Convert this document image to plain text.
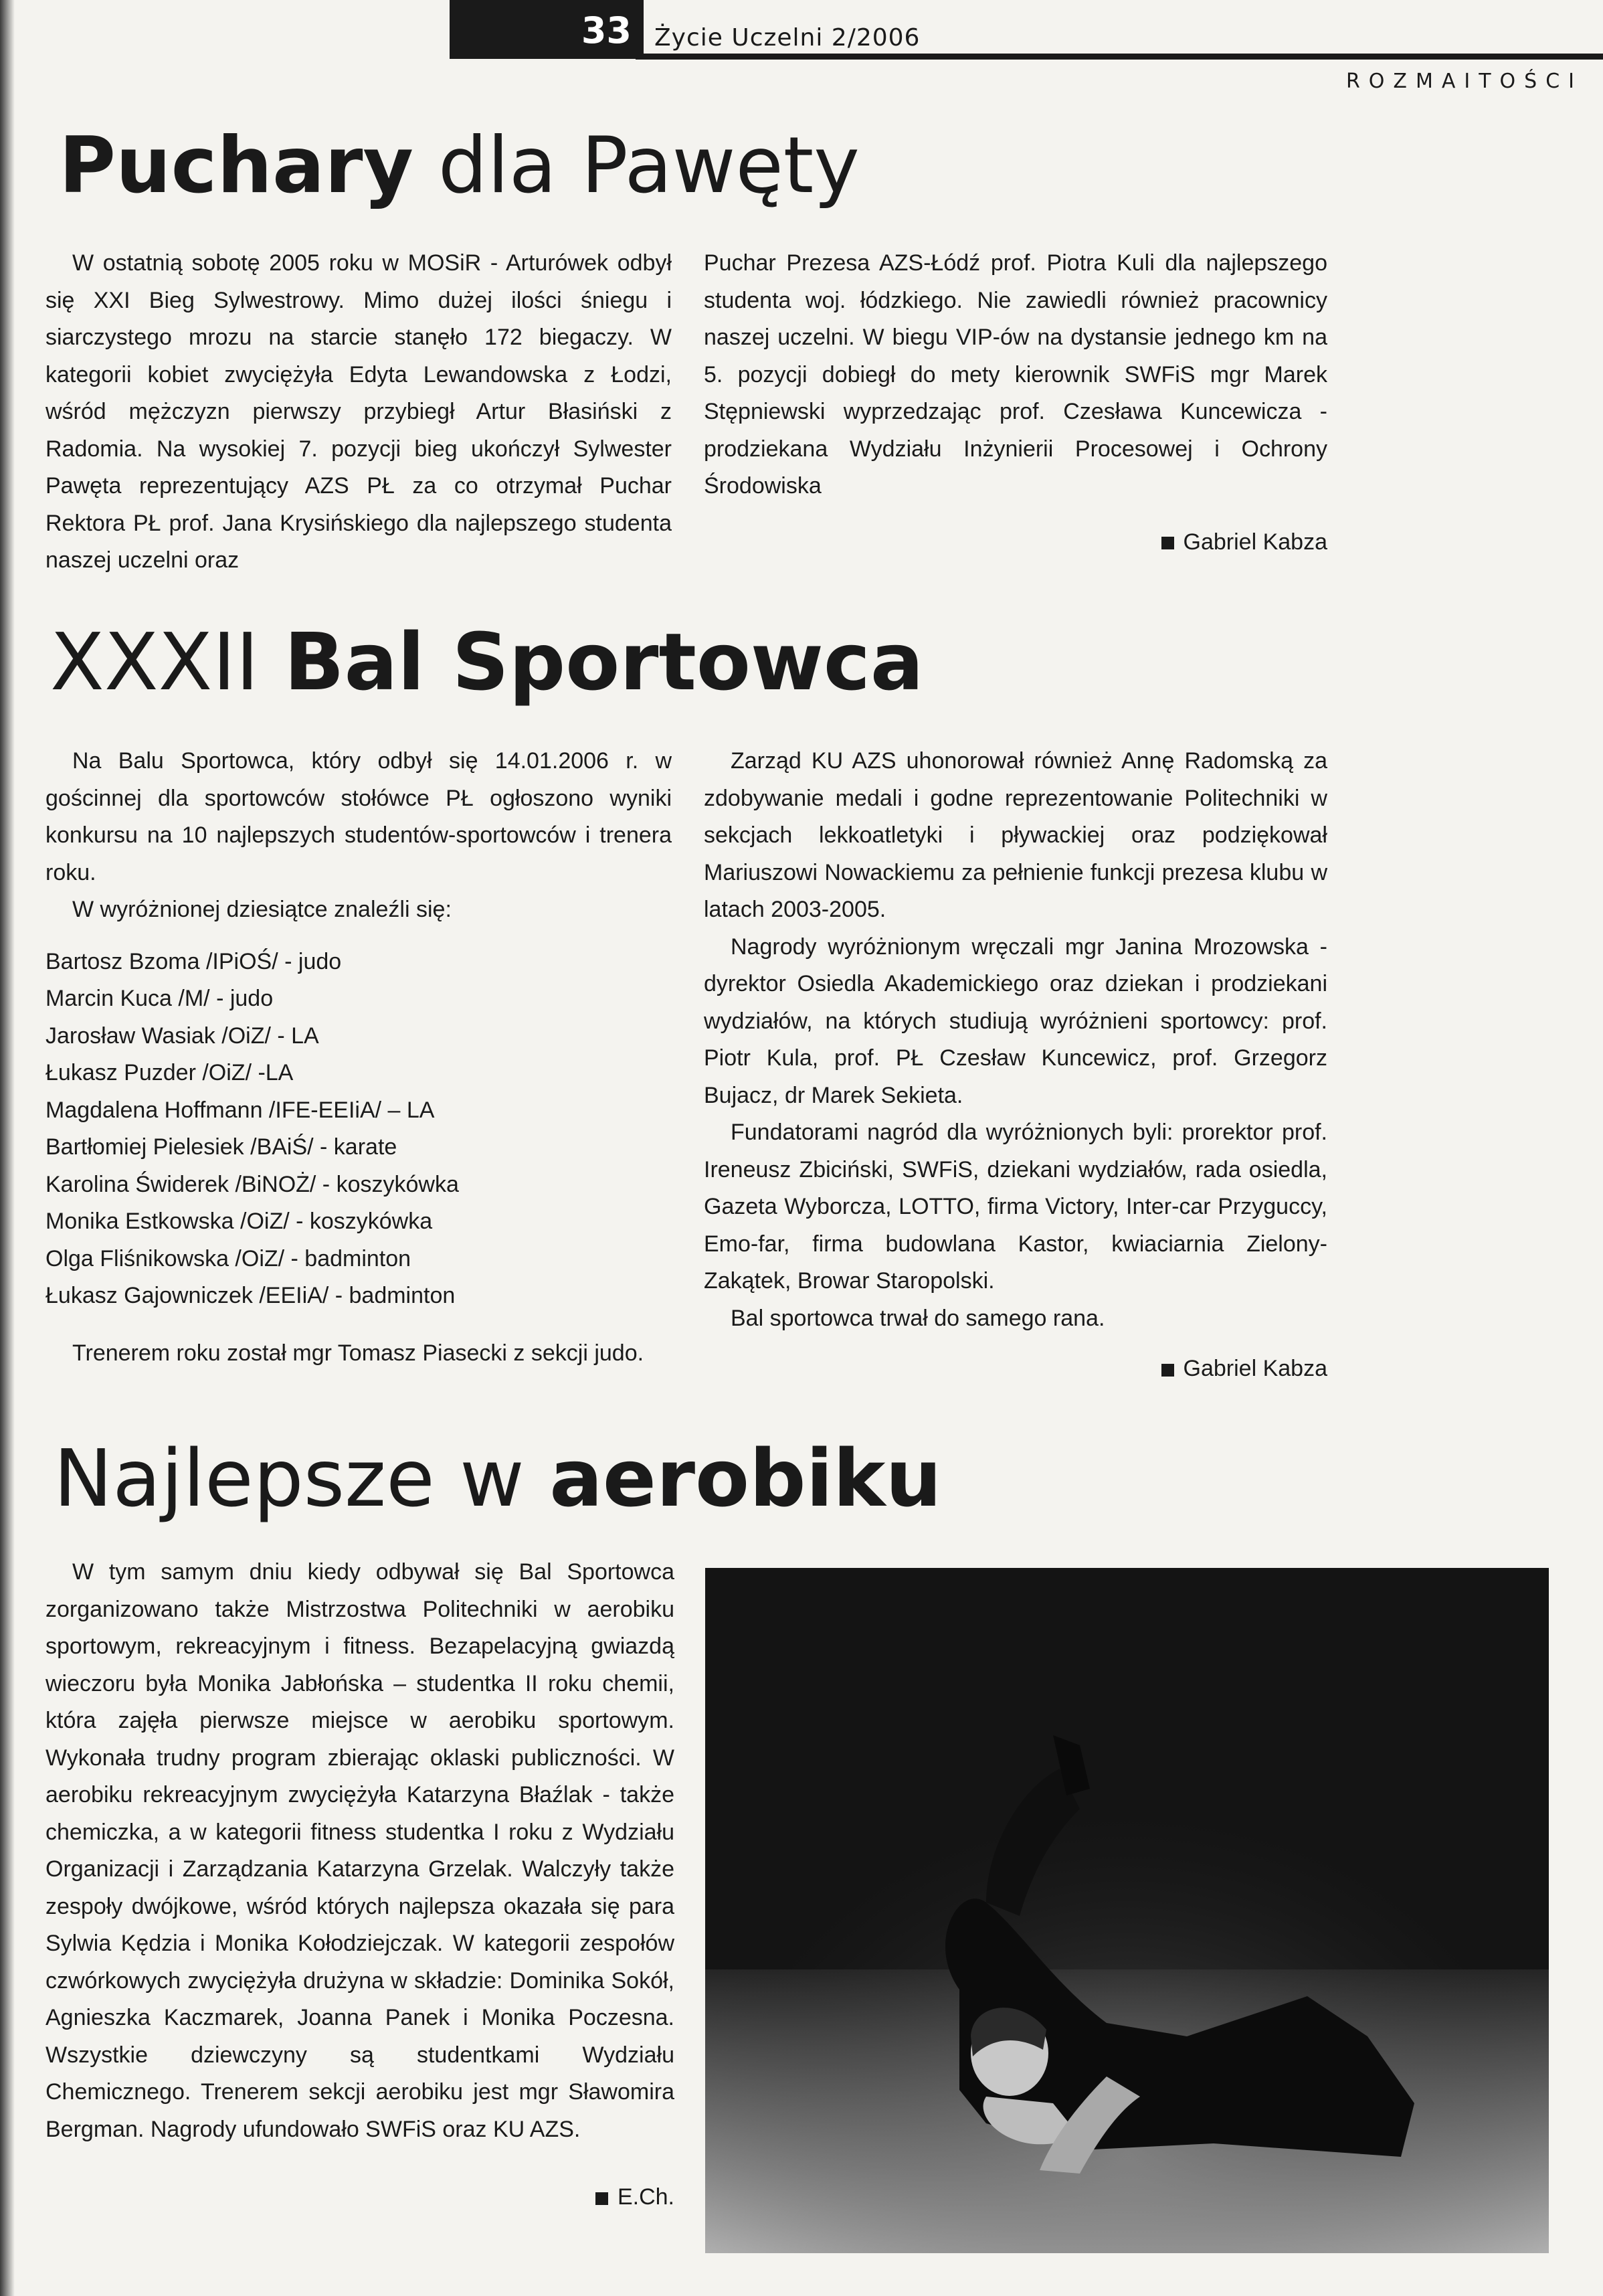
33 Życie Uczelni 2/2006
ROZMAITOŚCI
Puchary dla Pawęty

W ostatnią sobotę 2005 roku w MOSiR - Arturówek odbył się XXI Bieg Sylwestrowy. Mimo dużej ilości śniegu i siarczystego mrozu na starcie stanęło 172 biegaczy. W kategorii kobiet zwyciężyła Edyta Lewandowska z Łodzi, wśród mężczyzn pierwszy przybiegł Artur Błasiński z Radomia. Na wysokiej 7. pozycji bieg ukończył Sylwester Pawęta reprezentujący AZS PŁ za co otrzymał Puchar Rektora PŁ prof. Jana Krysińskiego dla najlepszego studenta naszej uczelni oraz

Puchar Prezesa AZS-Łódź prof. Piotra Kuli dla najlepszego studenta woj. łódzkiego. Nie zawiedli również pracownicy naszej uczelni. W biegu VIP-ów na dystansie jednego km na 5. pozycji dobiegł do mety kierownik SWFiS mgr Marek Stępniewski wyprzedzając prof. Czesława Kuncewicza - prodziekana Wydziału Inżynierii Procesowej i Ochrony Środowiska

Gabriel Kabza

XXXII Bal Sportowca

Na Balu Sportowca, który odbył się 14.01.2006 r. w gościnnej dla sportowców stołówce PŁ ogłoszono wyniki konkursu na 10 najlepszych studentów-sportowców i trenera roku.

W wyróżnionej dziesiątce znaleźli się:

Bartosz Bzoma /IPiOŚ/ - judo
Marcin Kuca /M/ - judo
Jarosław Wasiak /OiZ/ - LA
Łukasz Puzder /OiZ/ -LA
Magdalena Hoffmann /IFE-EEIiA/ – LA
Bartłomiej Pielesiek /BAiŚ/ - karate
Karolina Świderek /BiNOŻ/ - koszykówka
Monika Estkowska /OiZ/ - koszykówka
Olga Fliśnikowska /OiZ/ - badminton
Łukasz Gajowniczek /EEIiA/ - badminton

Trenerem roku został mgr Tomasz Piasecki z sekcji judo.

Zarząd KU AZS uhonorował również Annę Radomską za zdobywanie medali i godne reprezentowanie Politechniki w sekcjach lekkoatletyki i pływackiej oraz podziękował Mariuszowi Nowackiemu za pełnienie funkcji prezesa klubu w latach 2003-2005.

Nagrody wyróżnionym wręczali mgr Janina Mrozowska - dyrektor Osiedla Akademickiego oraz dziekan i prodziekani wydziałów, na których studiują wyróżnieni sportowcy: prof. Piotr Kula, prof. PŁ Czesław Kuncewicz, prof. Grzegorz Bujacz, dr Marek Sekieta.

Fundatorami nagród dla wyróżnionych byli: prorektor prof. Ireneusz Zbiciński, SWFiS, dziekani wydziałów, rada osiedla, Gazeta Wyborcza, LOTTO, firma Victory, Inter-car Przyguccy, Emo-far, firma budowlana Kastor, kwiaciarnia Zielony-Zakątek, Browar Staropolski.

Bal sportowca trwał do samego rana.

Gabriel Kabza

Najlepsze w aerobiku

W tym samym dniu kiedy odbywał się Bal Sportowca zorganizowano także Mistrzostwa Politechniki w aerobiku sportowym, rekreacyjnym i fitness. Bezapelacyjną gwiazdą wieczoru była Monika Jabłońska – studentka II roku chemii, która zajęła pierwsze miejsce w aerobiku sportowym. Wykonała trudny program zbierając oklaski publiczności. W aerobiku rekreacyjnym zwyciężyła Katarzyna Błaźlak - także chemiczka, a w kategorii fitness studentka I roku z Wydziału Organizacji i Zarządzania Katarzyna Grzelak. Walczyły także zespoły dwójkowe, wśród których najlepsza okazała się para Sylwia Kędzia i Monika Kołodziejczak. W kategorii zespołów czwórkowych zwyciężyła drużyna w składzie: Dominika Sokół, Agnieszka Kaczmarek, Joanna Panek i Monika Poczesna. Wszystkie dziewczyny są studentkami Wydziału Chemicznego. Trenerem sekcji aerobiku jest mgr Sławomira Bergman. Nagrody ufundowało SWFiS oraz KU AZS.

E.Ch.
